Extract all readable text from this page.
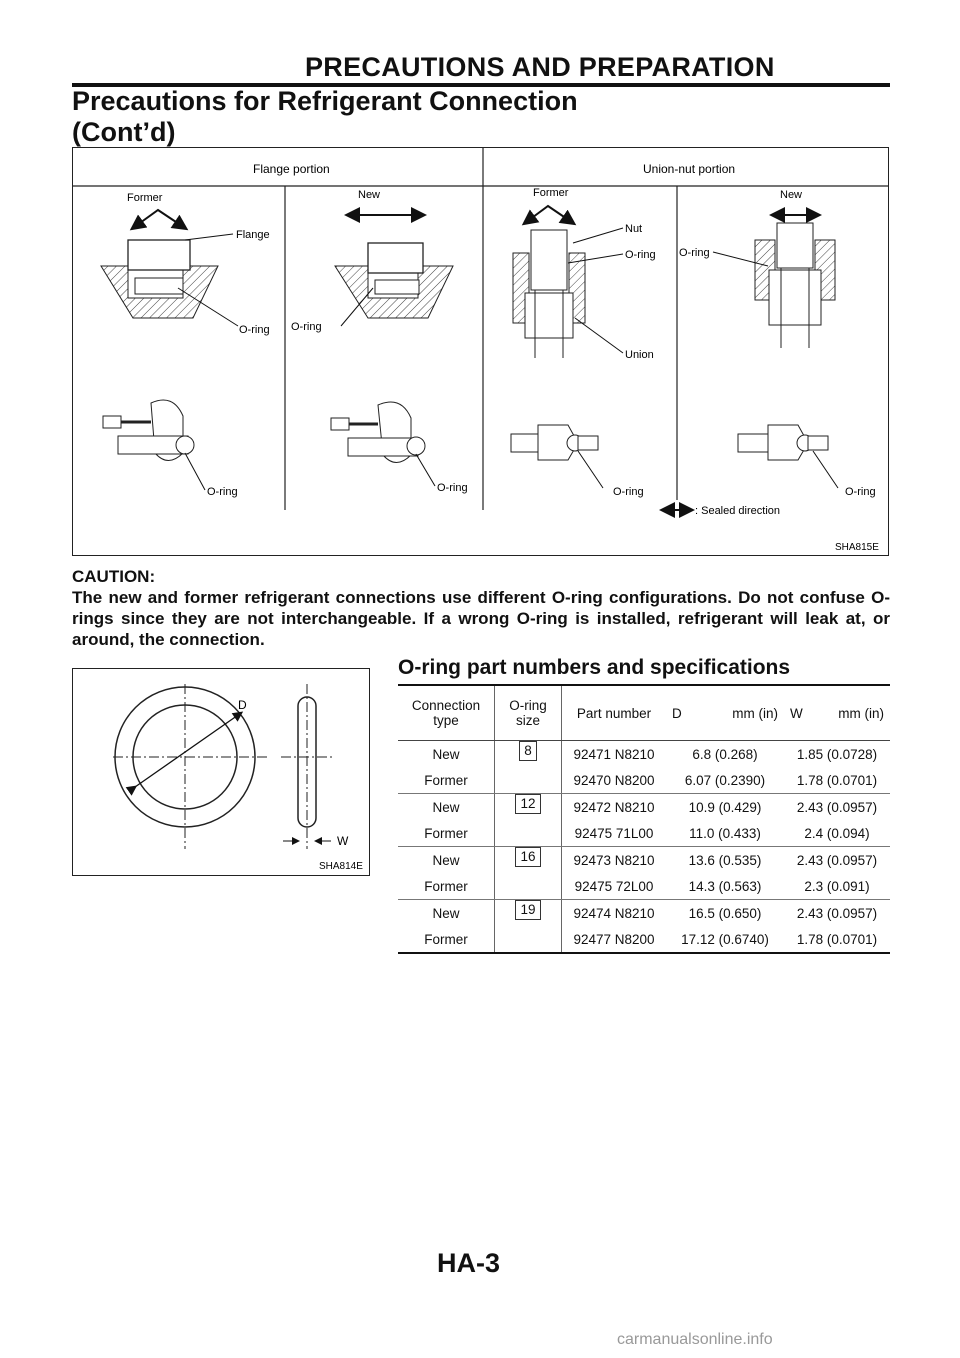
PRECAUTIONS AND PREPARATION
Precautions for Refrigerant Connection
(Cont’d)
Flange portion	Union-nut portion
Former	New	Former	New
Flange
O-ring O-ring
Nut
O-ring
Union
O-ring
O-ring	O-ring	O-ring	O-ring
: Sealed direction
SHA815E
CAUTION:
The new and former refrigerant connections use different O-ring configurations. Do not confuse O-rings since they are not interchangeable. If a wrong O-ring is installed, refrigerant will leak at, or around, the connection.
D
W
SHA814E
O-ring part numbers and specifications
Connection type	O-ring size	Part number	D mm (in)	W mm (in)

New	8	92471 N8210	6.8 (0.268)	1.85 (0.0728)
Former		92470 N8200	6.07 (0.2390)	1.78 (0.0701)
New	12	92472 N8210	10.9 (0.429)	2.43 (0.0957)
Former		92475 71L00	11.0 (0.433)	2.4 (0.094)
New	16	92473 N8210	13.6 (0.535)	2.43 (0.0957)
Former		92475 72L00	14.3 (0.563)	2.3 (0.091)
New	19	92474 N8210	16.5 (0.650)	2.43 (0.0957)
Former		92477 N8200	17.12 (0.6740)	1.78 (0.0701)
HA-3
carmanualsonline.info
